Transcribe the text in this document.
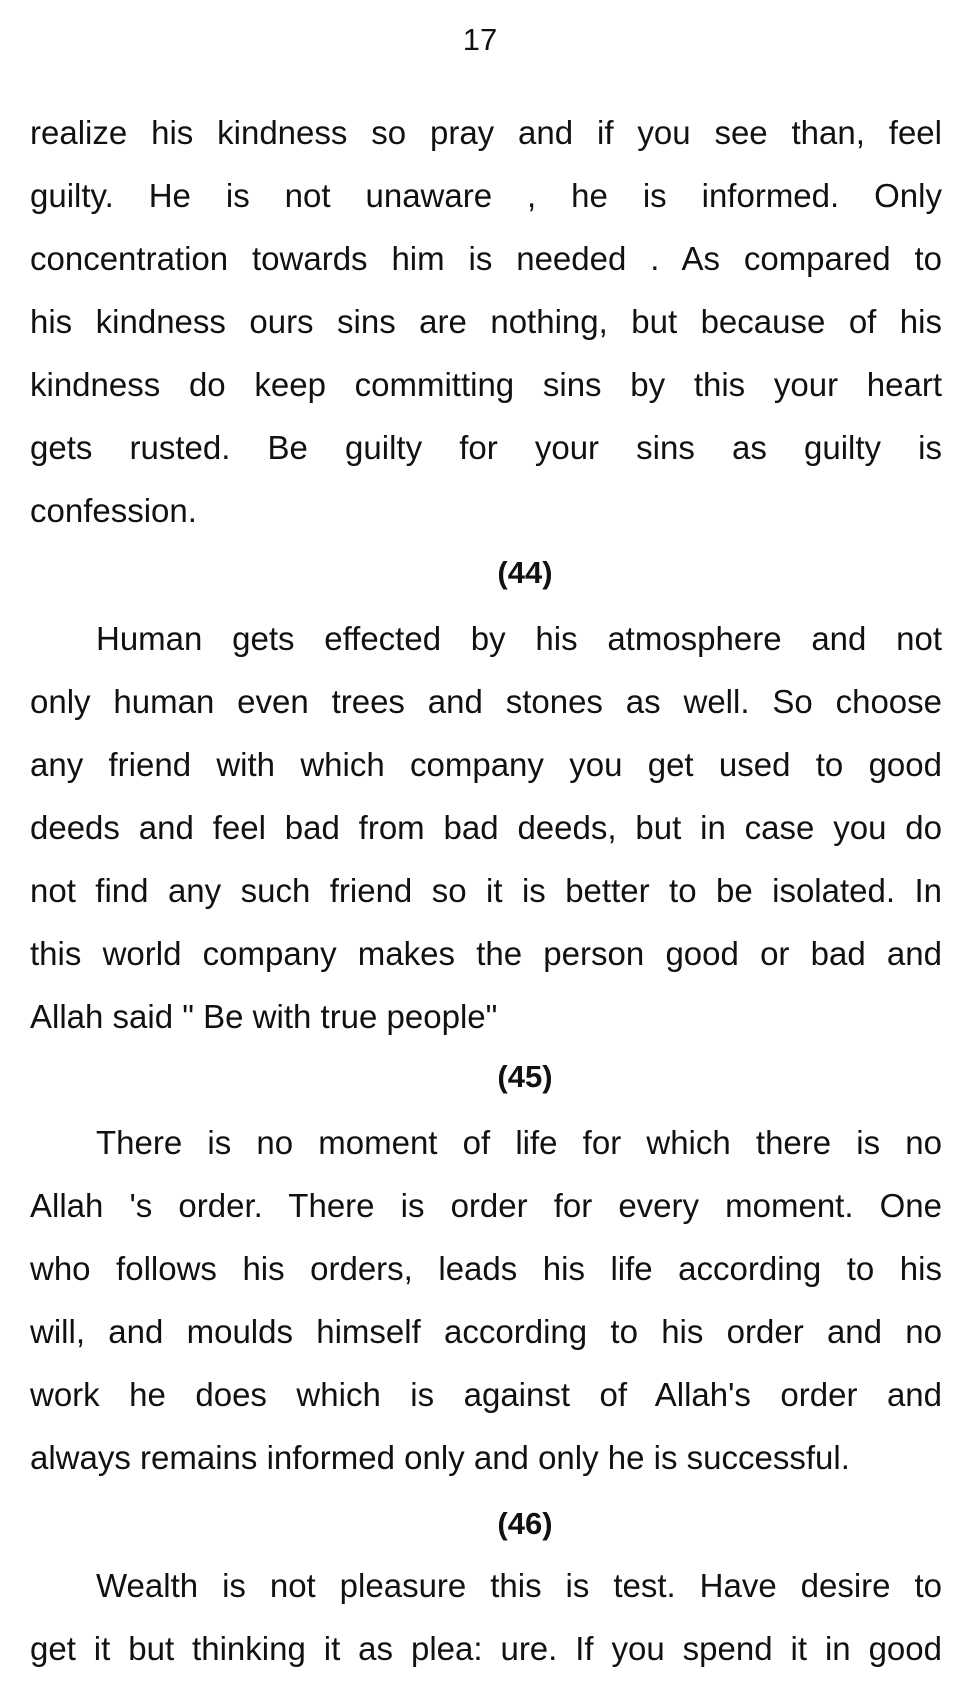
17
realize his kindness so pray and if you see than, feel
guilty. He is not unaware , he is informed. Only
concentration towards him is needed . As compared to
his kindness ours sins are nothing, but because of his
kindness do keep committing sins by this your heart
gets rusted. Be guilty for your sins as guilty is
confession.
(44)
Human gets effected by his atmosphere and not
only human even trees and stones as well. So choose
any friend with which company you get used to good
deeds and feel bad from bad deeds, but in case you do
not find any such friend so it is better to be isolated. In
this world company makes the person good or bad and
Allah said " Be with true people"
(45)
There is no moment of life for which there is no
Allah 's order. There is order for every moment. One
who follows his orders, leads his life according to his
will, and moulds himself according to his order and no
work he does which is against of Allah's order and
always remains informed only and only he is successful.
(46)
Wealth is not pleasure this is test. Have desire to
get it but thinking it as plea: ure. If you spend it in good
